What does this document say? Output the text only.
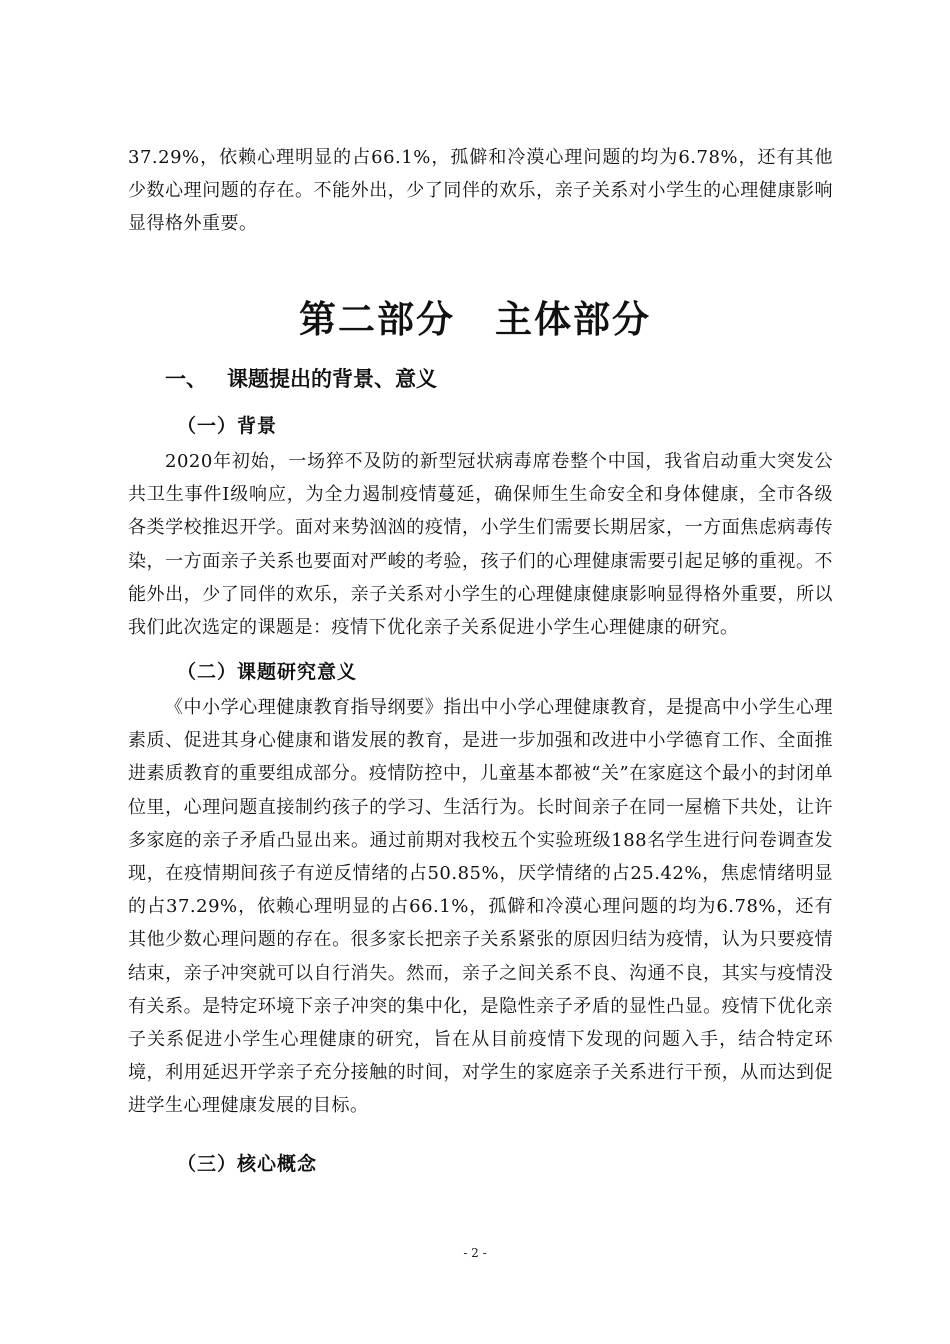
37.29%，依赖心理明显的占66.1%，孤僻和冷漠心理问题的均为6.78%，还有其他少数心理问题的存在。不能外出，少了同伴的欢乐，亲子关系对小学生的心理健康影响显得格外重要。

第二部分 主体部分
一、 课题提出的背景、意义
（一）背景

2020年初始，一场猝不及防的新型冠状病毒席卷整个中国，我省启动重大突发公共卫生事件Ⅰ级响应，为全力遏制疫情蔓延，确保师生生命安全和身体健康，全市各级各类学校推迟开学。面对来势汹汹的疫情，小学生们需要长期居家，一方面焦虑病毒传染，一方面亲子关系也要面对严峻的考验，孩子们的心理健康需要引起足够的重视。不能外出，少了同伴的欢乐，亲子关系对小学生的心理健康健康影响显得格外重要，所以我们此次选定的课题是：疫情下优化亲子关系促进小学生心理健康的研究。

（二）课题研究意义

《中小学心理健康教育指导纲要》指出中小学心理健康教育，是提高中小学生心理素质、促进其身心健康和谐发展的教育，是进一步加强和改进中小学德育工作、全面推进素质教育的重要组成部分。疫情防控中，儿童基本都被“关”在家庭这个最小的封闭单位里，心理问题直接制约孩子的学习、生活行为。长时间亲子在同一屋檐下共处，让许多家庭的亲子矛盾凸显出来。通过前期对我校五个实验班级188名学生进行问卷调查发现，在疫情期间孩子有逆反情绪的占50.85%，厌学情绪的占25.42%，焦虑情绪明显的占37.29%，依赖心理明显的占66.1%，孤僻和冷漠心理问题的均为6.78%，还有其他少数心理问题的存在。很多家长把亲子关系紧张的原因归结为疫情，认为只要疫情结束，亲子冲突就可以自行消失。然而，亲子之间关系不良、沟通不良，其实与疫情没有关系。是特定环境下亲子冲突的集中化，是隐性亲子矛盾的显性凸显。疫情下优化亲子关系促进小学生心理健康的研究，旨在从目前疫情下发现的问题入手，结合特定环境，利用延迟开学亲子充分接触的时间，对学生的家庭亲子关系进行干预，从而达到促进学生心理健康发展的目标。

（三）核心概念
- 2 -
